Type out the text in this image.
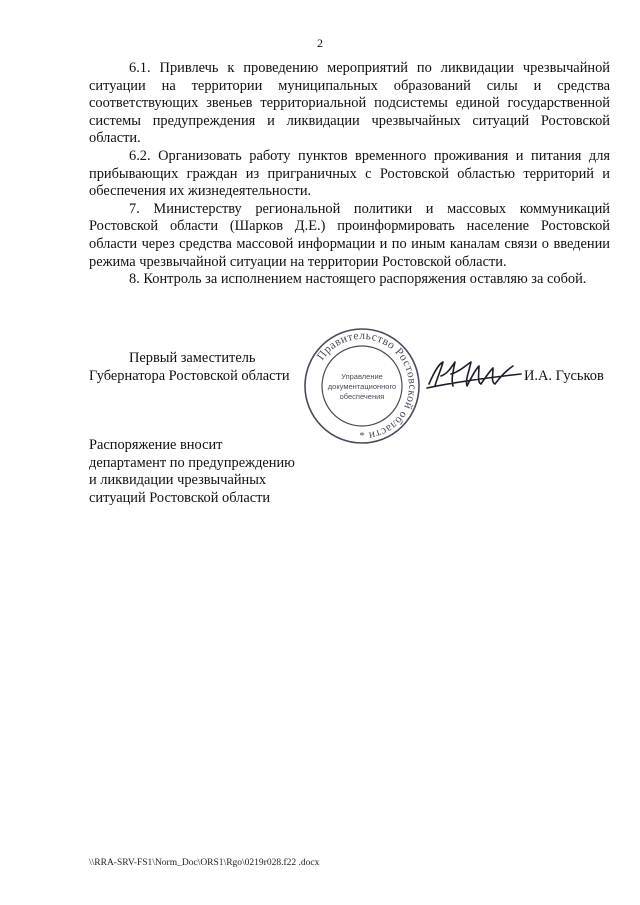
2

6.1. Привлечь к проведению мероприятий по ликвидации чрезвычайной ситуации на территории муниципальных образований силы и средства соответствующих звеньев территориальной подсистемы единой государственной системы предупреждения и ликвидации чрезвычайных ситуаций Ростовской области.

6.2. Организовать работу пунктов временного проживания и питания для прибывающих граждан из приграничных с Ростовской областью территорий и обеспечения их жизнедеятельности.

7. Министерству региональной политики и массовых коммуникаций Ростовской области (Шарков Д.Е.) проинформировать население Ростовской области через средства массовой информации и по иным каналам связи о введении режима чрезвычайной ситуации на территории Ростовской области.

8. Контроль за исполнением настоящего распоряжения оставляю за собой.

Первый заместитель
Губернатора Ростовской области
Правительство Ростовской области
Управление
документационного
обеспечения
*
И.А. Гуськов
Распоряжение вносит
департамент по предупреждению
и ликвидации чрезвычайных
ситуаций Ростовской области
\\RRA-SRV-FS1\Norm_Doc\ORS1\Rgo\0219r028.f22 .docx
